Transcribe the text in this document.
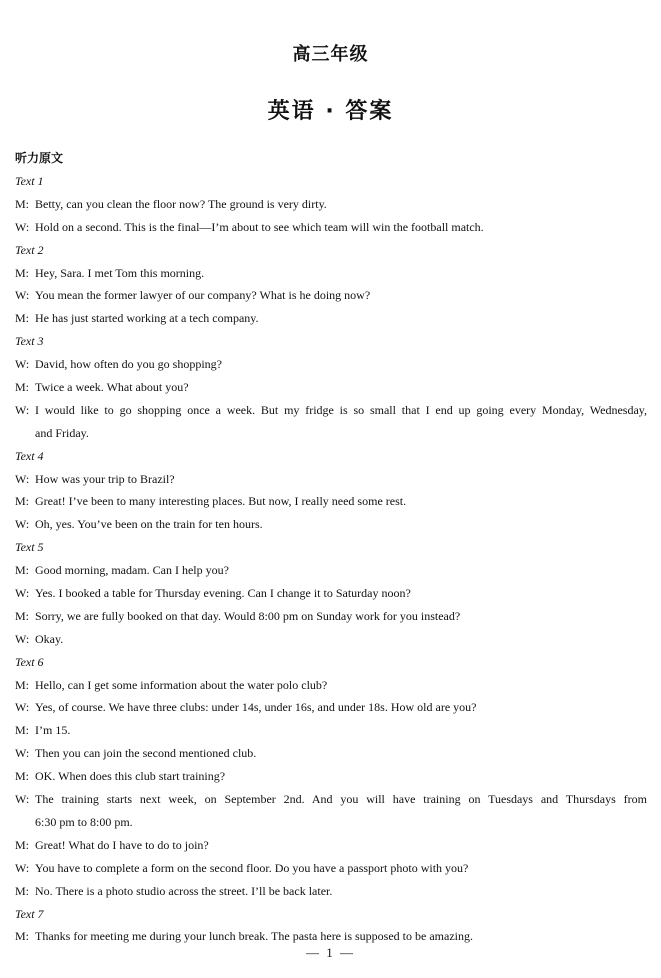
高三年级
英语 · 答案
听力原文
Text 1
M: Betty, can you clean the floor now? The ground is very dirty.
W: Hold on a second. This is the final—I’m about to see which team will win the football match.
Text 2
M: Hey, Sara. I met Tom this morning.
W: You mean the former lawyer of our company? What is he doing now?
M: He has just started working at a tech company.
Text 3
W: David, how often do you go shopping?
M: Twice a week. What about you?
W: I would like to go shopping once a week. But my fridge is so small that I end up going every Monday, Wednesday,
and Friday.
Text 4
W: How was your trip to Brazil?
M: Great! I’ve been to many interesting places. But now, I really need some rest.
W: Oh, yes. You’ve been on the train for ten hours.
Text 5
M: Good morning, madam. Can I help you?
W: Yes. I booked a table for Thursday evening. Can I change it to Saturday noon?
M: Sorry, we are fully booked on that day. Would 8:00 pm on Sunday work for you instead?
W: Okay.
Text 6
M: Hello, can I get some information about the water polo club?
W: Yes, of course. We have three clubs: under 14s, under 16s, and under 18s. How old are you?
M: I’m 15.
W: Then you can join the second mentioned club.
M: OK. When does this club start training?
W: The training starts next week, on September 2nd. And you will have training on Tuesdays and Thursdays from
6:30 pm to 8:00 pm.
M: Great! What do I have to do to join?
W: You have to complete a form on the second floor. Do you have a passport photo with you?
M: No. There is a photo studio across the street. I’ll be back later.
Text 7
M: Thanks for meeting me during your lunch break. The pasta here is supposed to be amazing.
— 1 —
